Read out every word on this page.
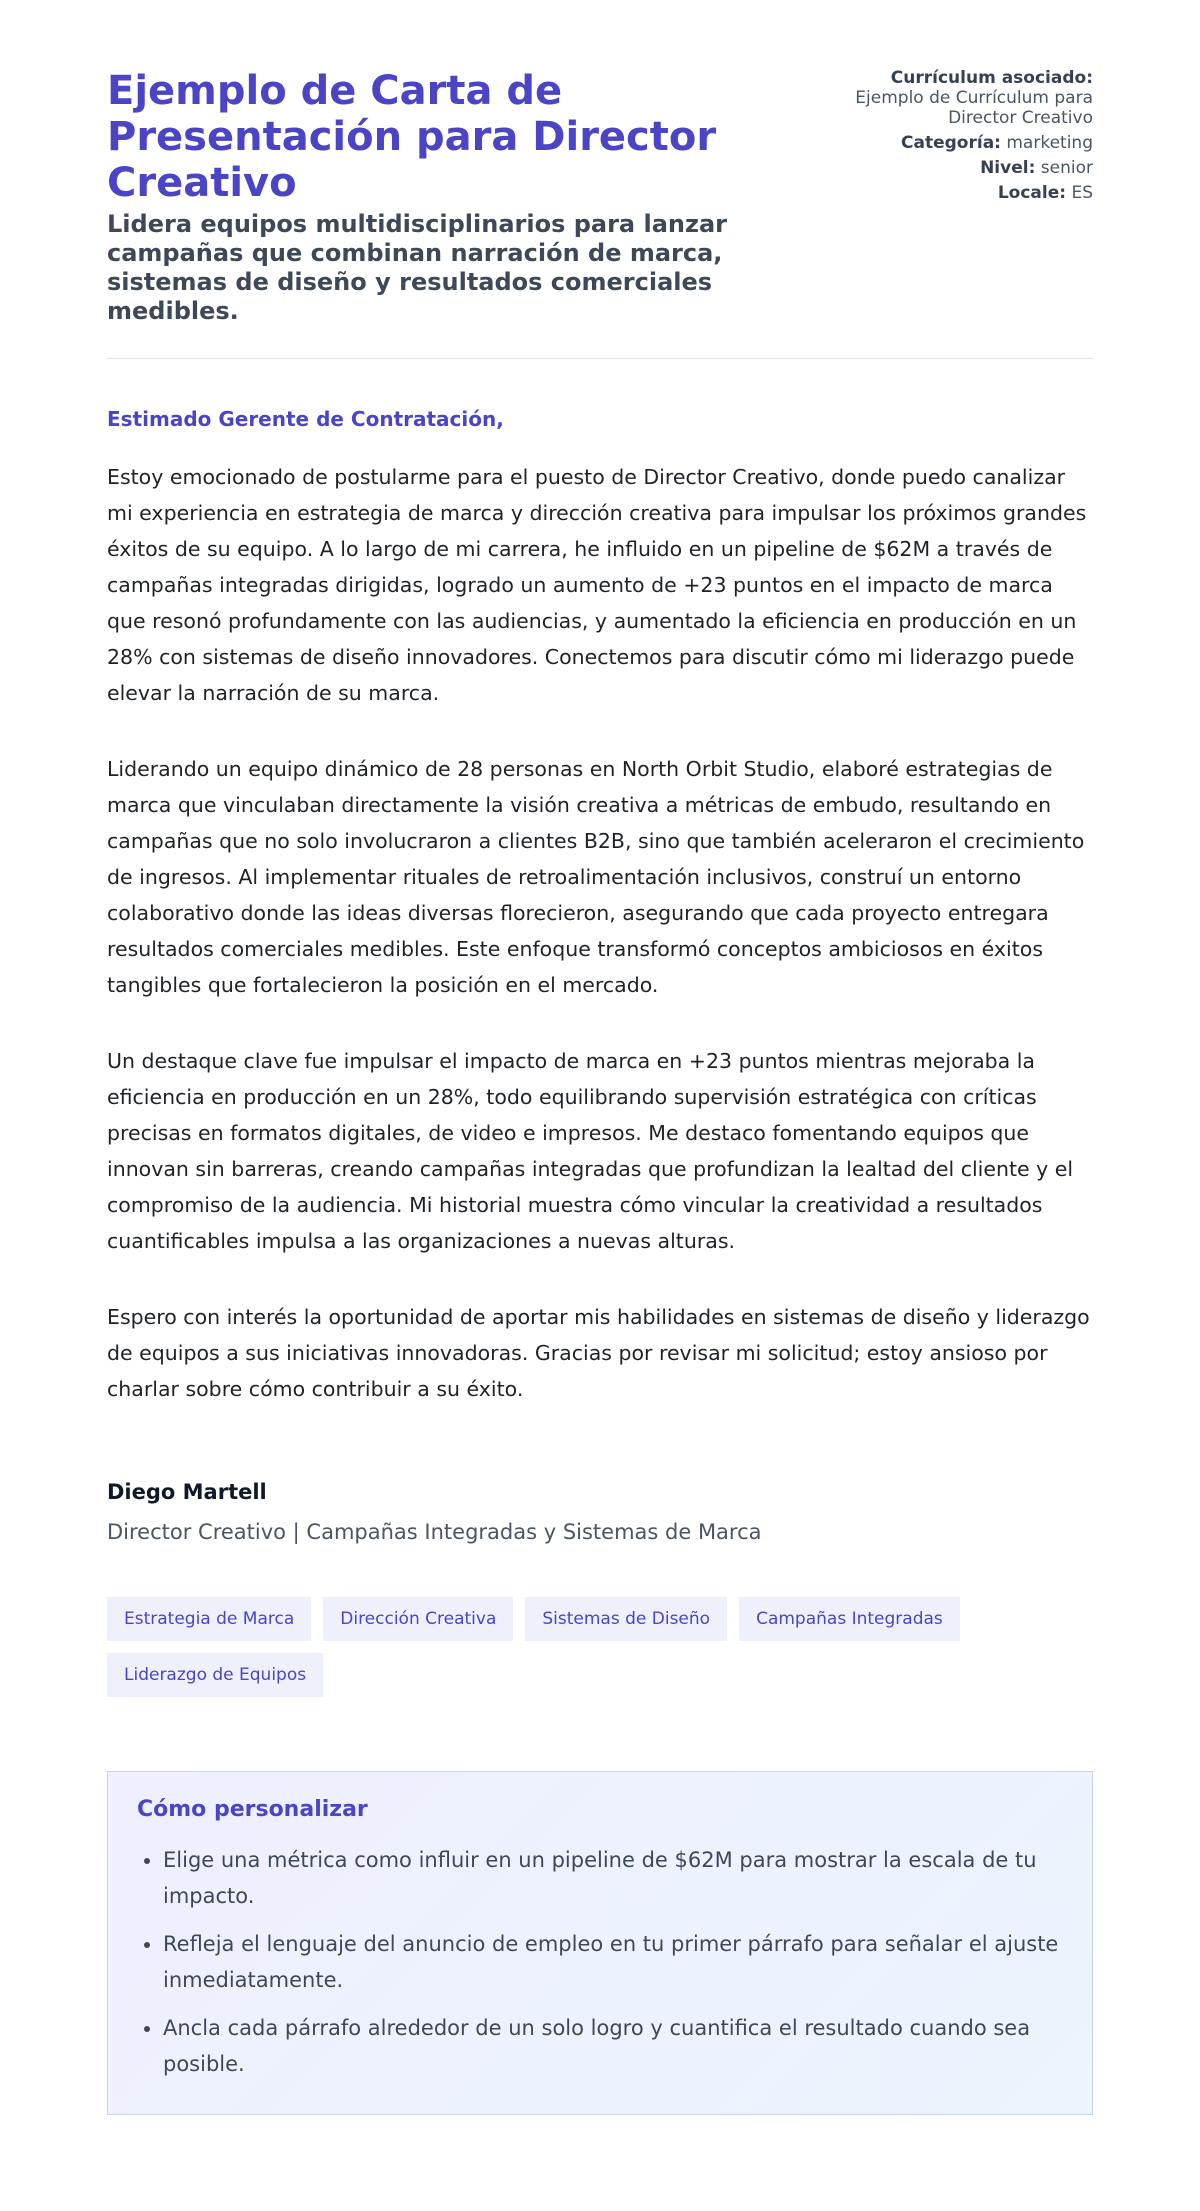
Ejemplo de Carta de Presentación para Director Creativo

Lidera equipos multidisciplinarios para lanzar campañas que combinan narración de marca, sistemas de diseño y resultados comerciales medibles.

Currículum asociado:
Ejemplo de Currículum para Director Creativo
Categoría: marketing
Nivel: senior
Locale: ES

Estimado Gerente de Contratación,

Estoy emocionado de postularme para el puesto de Director Creativo, donde puedo canalizar mi experiencia en estrategia de marca y dirección creativa para impulsar los próximos grandes éxitos de su equipo. A lo largo de mi carrera, he influido en un pipeline de $62M a través de campañas integradas dirigidas, logrado un aumento de +23 puntos en el impacto de marca que resonó profundamente con las audiencias, y aumentado la eficiencia en producción en un 28% con sistemas de diseño innovadores. Conectemos para discutir cómo mi liderazgo puede elevar la narración de su marca.

Liderando un equipo dinámico de 28 personas en North Orbit Studio, elaboré estrategias de marca que vinculaban directamente la visión creativa a métricas de embudo, resultando en campañas que no solo involucraron a clientes B2B, sino que también aceleraron el crecimiento de ingresos. Al implementar rituales de retroalimentación inclusivos, construí un entorno colaborativo donde las ideas diversas florecieron, asegurando que cada proyecto entregara resultados comerciales medibles. Este enfoque transformó conceptos ambiciosos en éxitos tangibles que fortalecieron la posición en el mercado.

Un destaque clave fue impulsar el impacto de marca en +23 puntos mientras mejoraba la eficiencia en producción en un 28%, todo equilibrando supervisión estratégica con críticas precisas en formatos digitales, de video e impresos. Me destaco fomentando equipos que innovan sin barreras, creando campañas integradas que profundizan la lealtad del cliente y el compromiso de la audiencia. Mi historial muestra cómo vincular la creatividad a resultados cuantificables impulsa a las organizaciones a nuevas alturas.

Espero con interés la oportunidad de aportar mis habilidades en sistemas de diseño y liderazgo de equipos a sus iniciativas innovadoras. Gracias por revisar mi solicitud; estoy ansioso por charlar sobre cómo contribuir a su éxito.

Diego Martell
Director Creativo | Campañas Integradas y Sistemas de Marca
Estrategia de Marca	Dirección Creativa	Sistemas de Diseño	Campañas Integradas
Liderazgo de Equipos
Cómo personalizar
• Elige una métrica como influir en un pipeline de $62M para mostrar la escala de tu impacto.
• Refleja el lenguaje del anuncio de empleo en tu primer párrafo para señalar el ajuste inmediatamente.
• Ancla cada párrafo alrededor de un solo logro y cuantifica el resultado cuando sea posible.
